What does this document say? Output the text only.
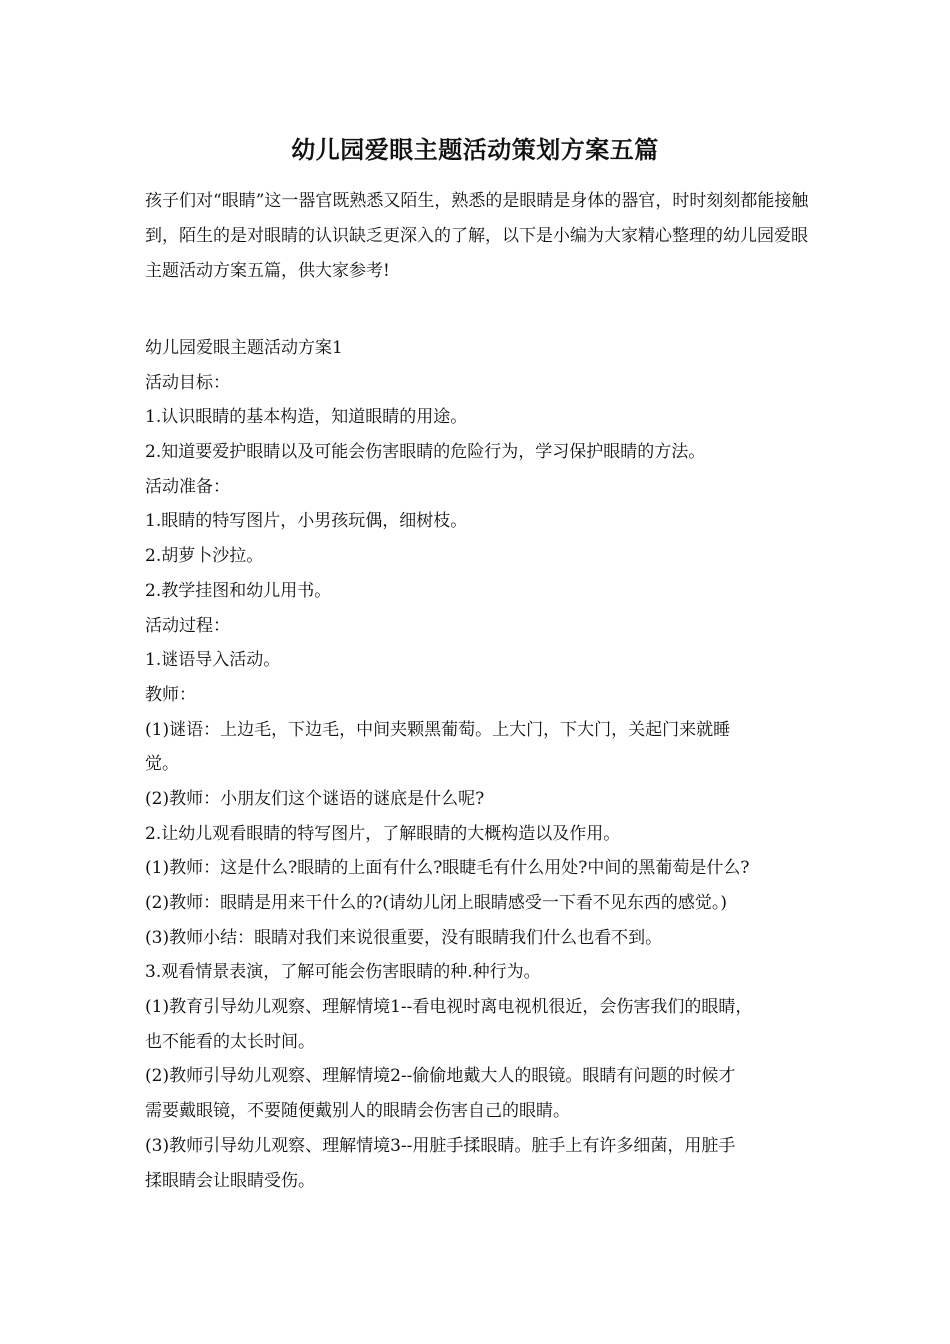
幼儿园爱眼主题活动策划方案五篇
孩子们对“眼睛”这一器官既熟悉又陌生，熟悉的是眼睛是身体的器官，时时刻刻都能接触到，陌生的是对眼睛的认识缺乏更深入的了解，以下是小编为大家精心整理的幼儿园爱眼主题活动方案五篇，供大家参考!
幼儿园爱眼主题活动方案1
活动目标：
1.认识眼睛的基本构造，知道眼睛的用途。
2.知道要爱护眼睛以及可能会伤害眼睛的危险行为，学习保护眼睛的方法。
活动准备：
1.眼睛的特写图片，小男孩玩偶，细树枝。
2.胡萝卜沙拉。
2.教学挂图和幼儿用书。
活动过程：
1.谜语导入活动。
教师：
(1)谜语：上边毛，下边毛，中间夹颗黑葡萄。上大门，下大门，关起门来就睡
觉。
(2)教师：小朋友们这个谜语的谜底是什么呢?
2.让幼儿观看眼睛的特写图片，了解眼睛的大概构造以及作用。
(1)教师：这是什么?眼睛的上面有什么?眼睫毛有什么用处?中间的黑葡萄是什么?
(2)教师：眼睛是用来干什么的?(请幼儿闭上眼睛感受一下看不见东西的感觉。)
(3)教师小结：眼睛对我们来说很重要，没有眼睛我们什么也看不到。
3.观看情景表演，了解可能会伤害眼睛的种.种行为。
(1)教育引导幼儿观察、理解情境1--看电视时离电视机很近，会伤害我们的眼睛，
也不能看的太长时间。
(2)教师引导幼儿观察、理解情境2--偷偷地戴大人的眼镜。眼睛有问题的时候才
需要戴眼镜，不要随便戴别人的眼睛会伤害自己的眼睛。
(3)教师引导幼儿观察、理解情境3--用脏手揉眼睛。脏手上有许多细菌，用脏手
揉眼睛会让眼睛受伤。
